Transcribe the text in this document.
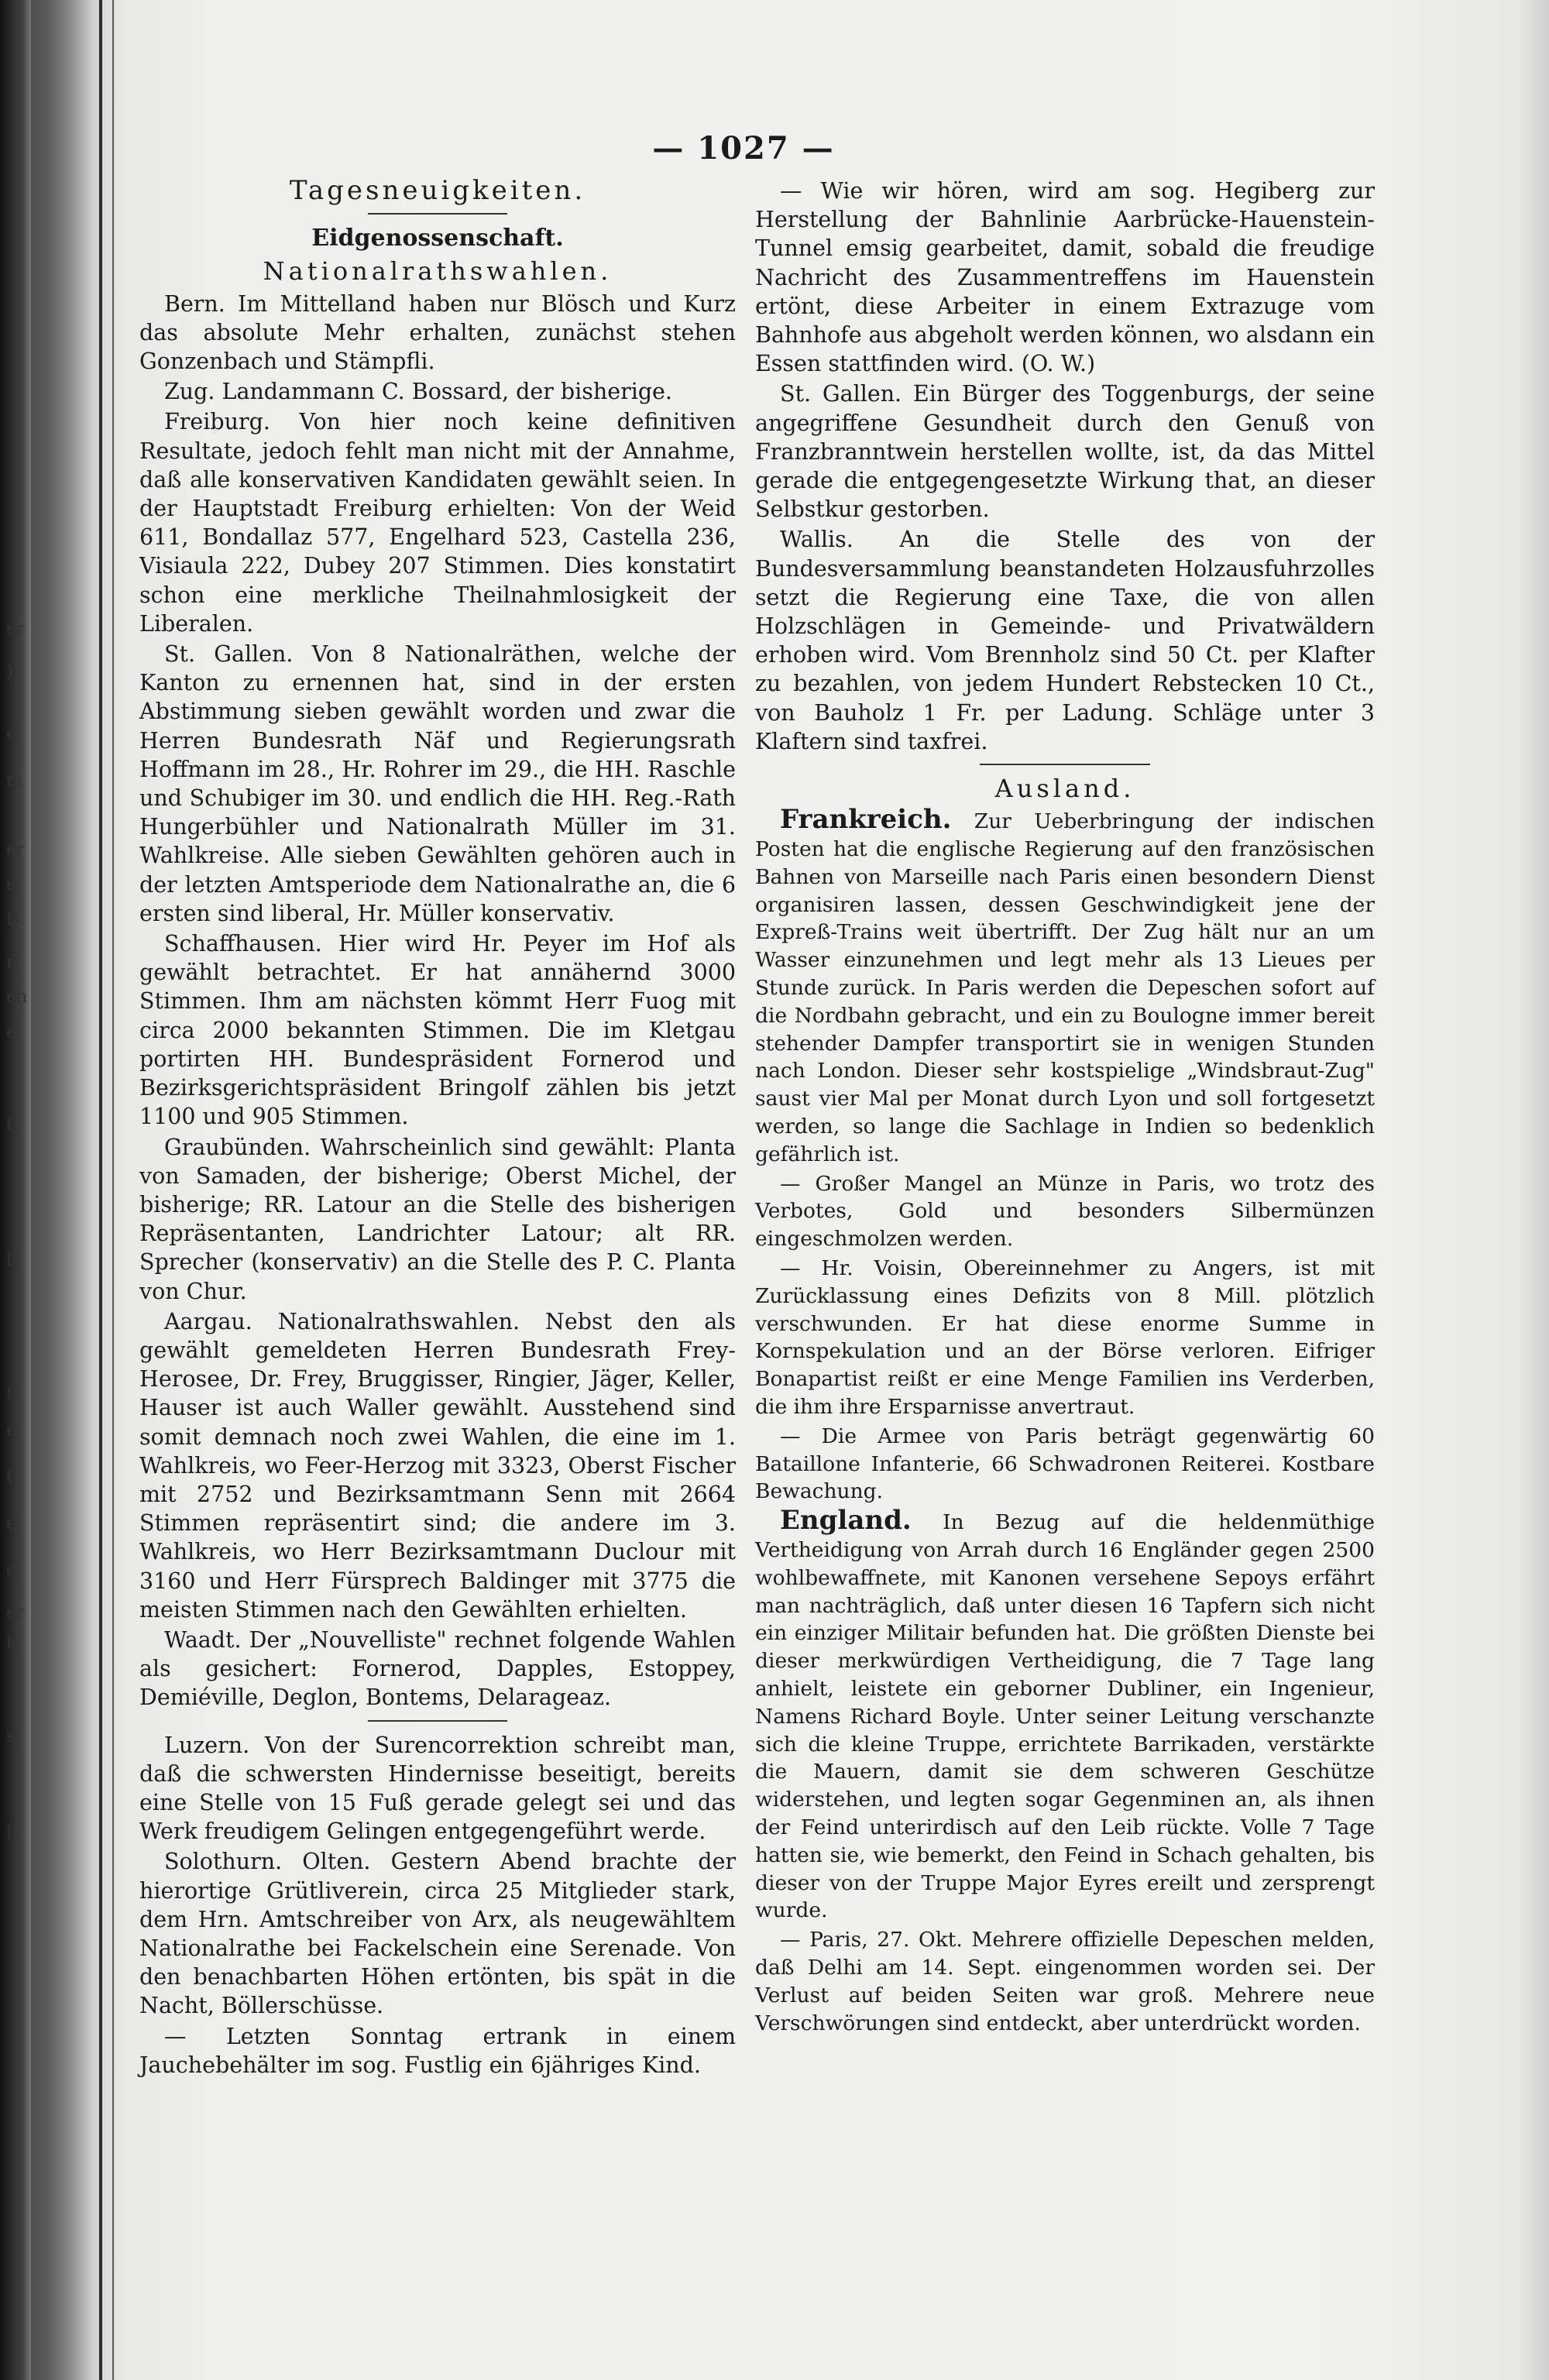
er
)
e-
m
er
e
D.
n
en
e-
t
lt
n
e
t
e
e
er
l.
s-
l.
— 1027 —
Tagesneuigkeiten.
Eidgenossenschaft.
Nationalrathswahlen.

Bern. Im Mittelland haben nur Blösch und Kurz das absolute Mehr erhalten, zunächst stehen Gonzenbach und Stämpfli.

Zug. Landammann C. Bossard, der bisherige.

Freiburg. Von hier noch keine definitiven Resultate, jedoch fehlt man nicht mit der Annahme, daß alle konservativen Kandidaten gewählt seien. In der Hauptstadt Freiburg erhielten: Von der Weid 611, Bondallaz 577, Engelhard 523, Castella 236, Visiaula 222, Dubey 207 Stimmen. Dies konstatirt schon eine merkliche Theilnahmlosigkeit der Liberalen.

St. Gallen. Von 8 Nationalräthen, welche der Kanton zu ernennen hat, sind in der ersten Abstimmung sieben gewählt worden und zwar die Herren Bundesrath Näf und Regierungsrath Hoffmann im 28., Hr. Rohrer im 29., die HH. Raschle und Schubiger im 30. und endlich die HH. Reg.-Rath Hungerbühler und Nationalrath Müller im 31. Wahlkreise. Alle sieben Gewählten gehören auch in der letzten Amtsperiode dem Nationalrathe an, die 6 ersten sind liberal, Hr. Müller konservativ.

Schaffhausen. Hier wird Hr. Peyer im Hof als gewählt betrachtet. Er hat annähernd 3000 Stimmen. Ihm am nächsten kömmt Herr Fuog mit circa 2000 bekannten Stimmen. Die im Kletgau portirten HH. Bundespräsident Fornerod und Bezirksgerichtspräsident Bringolf zählen bis jetzt 1100 und 905 Stimmen.

Graubünden. Wahrscheinlich sind gewählt: Planta von Samaden, der bisherige; Oberst Michel, der bisherige; RR. Latour an die Stelle des bisherigen Repräsentanten, Landrichter Latour; alt RR. Sprecher (konservativ) an die Stelle des P. C. Planta von Chur.

Aargau. Nationalrathswahlen. Nebst den als gewählt gemeldeten Herren Bundesrath Frey-Herosee, Dr. Frey, Bruggisser, Ringier, Jäger, Keller, Hauser ist auch Waller gewählt. Ausstehend sind somit demnach noch zwei Wahlen, die eine im 1. Wahlkreis, wo Feer-Herzog mit 3323, Oberst Fischer mit 2752 und Bezirksamtmann Senn mit 2664 Stimmen repräsentirt sind; die andere im 3. Wahlkreis, wo Herr Bezirksamtmann Duclour mit 3160 und Herr Fürsprech Baldinger mit 3775 die meisten Stimmen nach den Gewählten erhielten.

Waadt. Der „Nouvelliste" rechnet folgende Wahlen als gesichert: Fornerod, Dapples, Estoppey, Demiéville, Deglon, Bontems, Delarageaz.

Luzern. Von der Surencorrektion schreibt man, daß die schwersten Hindernisse beseitigt, bereits eine Stelle von 15 Fuß gerade gelegt sei und das Werk freudigem Gelingen entgegengeführt werde.

Solothurn. Olten. Gestern Abend brachte der hierortige Grütliverein, circa 25 Mitglieder stark, dem Hrn. Amtschreiber von Arx, als neugewähltem Nationalrathe bei Fackelschein eine Serenade. Von den benachbarten Höhen ertönten, bis spät in die Nacht, Böllerschüsse.

— Letzten Sonntag ertrank in einem Jauchebehälter im sog. Fustlig ein 6jähriges Kind.

— Wie wir hören, wird am sog. Hegiberg zur Herstellung der Bahnlinie Aarbrücke-Hauenstein-Tunnel emsig gearbeitet, damit, sobald die freudige Nachricht des Zusammentreffens im Hauenstein ertönt, diese Arbeiter in einem Extrazuge vom Bahnhofe aus abgeholt werden können, wo alsdann ein Essen stattfinden wird. (O. W.)

St. Gallen. Ein Bürger des Toggenburgs, der seine angegriffene Gesundheit durch den Genuß von Franzbranntwein herstellen wollte, ist, da das Mittel gerade die entgegengesetzte Wirkung that, an dieser Selbstkur gestorben.

Wallis. An die Stelle des von der Bundesversammlung beanstandeten Holzausfuhrzolles setzt die Regierung eine Taxe, die von allen Holzschlägen in Gemeinde- und Privatwäldern erhoben wird. Vom Brennholz sind 50 Ct. per Klafter zu bezahlen, von jedem Hundert Rebstecken 10 Ct., von Bauholz 1 Fr. per Ladung. Schläge unter 3 Klaftern sind taxfrei.

Ausland.

Frankreich. Zur Ueberbringung der indischen Posten hat die englische Regierung auf den französischen Bahnen von Marseille nach Paris einen besondern Dienst organisiren lassen, dessen Geschwindigkeit jene der Expreß-Trains weit übertrifft. Der Zug hält nur an um Wasser einzunehmen und legt mehr als 13 Lieues per Stunde zurück. In Paris werden die Depeschen sofort auf die Nordbahn gebracht, und ein zu Boulogne immer bereit stehender Dampfer transportirt sie in wenigen Stunden nach London. Dieser sehr kostspielige „Windsbraut-Zug" saust vier Mal per Monat durch Lyon und soll fortgesetzt werden, so lange die Sachlage in Indien so bedenklich gefährlich ist.

— Großer Mangel an Münze in Paris, wo trotz des Verbotes, Gold und besonders Silbermünzen eingeschmolzen werden.

— Hr. Voisin, Obereinnehmer zu Angers, ist mit Zurücklassung eines Defizits von 8 Mill. plötzlich verschwunden. Er hat diese enorme Summe in Kornspekulation und an der Börse verloren. Eifriger Bonapartist reißt er eine Menge Familien ins Verderben, die ihm ihre Ersparnisse anvertraut.

— Die Armee von Paris beträgt gegenwärtig 60 Bataillone Infanterie, 66 Schwadronen Reiterei. Kostbare Bewachung.

England. In Bezug auf die heldenmüthige Vertheidigung von Arrah durch 16 Engländer gegen 2500 wohlbewaffnete, mit Kanonen versehene Sepoys erfährt man nachträglich, daß unter diesen 16 Tapfern sich nicht ein einziger Militair befunden hat. Die größten Dienste bei dieser merkwürdigen Vertheidigung, die 7 Tage lang anhielt, leistete ein geborner Dubliner, ein Ingenieur, Namens Richard Boyle. Unter seiner Leitung verschanzte sich die kleine Truppe, errichtete Barrikaden, verstärkte die Mauern, damit sie dem schweren Geschütze widerstehen, und legten sogar Gegenminen an, als ihnen der Feind unterirdisch auf den Leib rückte. Volle 7 Tage hatten sie, wie bemerkt, den Feind in Schach gehalten, bis dieser von der Truppe Major Eyres ereilt und zersprengt wurde.

— Paris, 27. Okt. Mehrere offizielle Depeschen melden, daß Delhi am 14. Sept. eingenommen worden sei. Der Verlust auf beiden Seiten war groß. Mehrere neue Verschwörungen sind entdeckt, aber unterdrückt worden.
